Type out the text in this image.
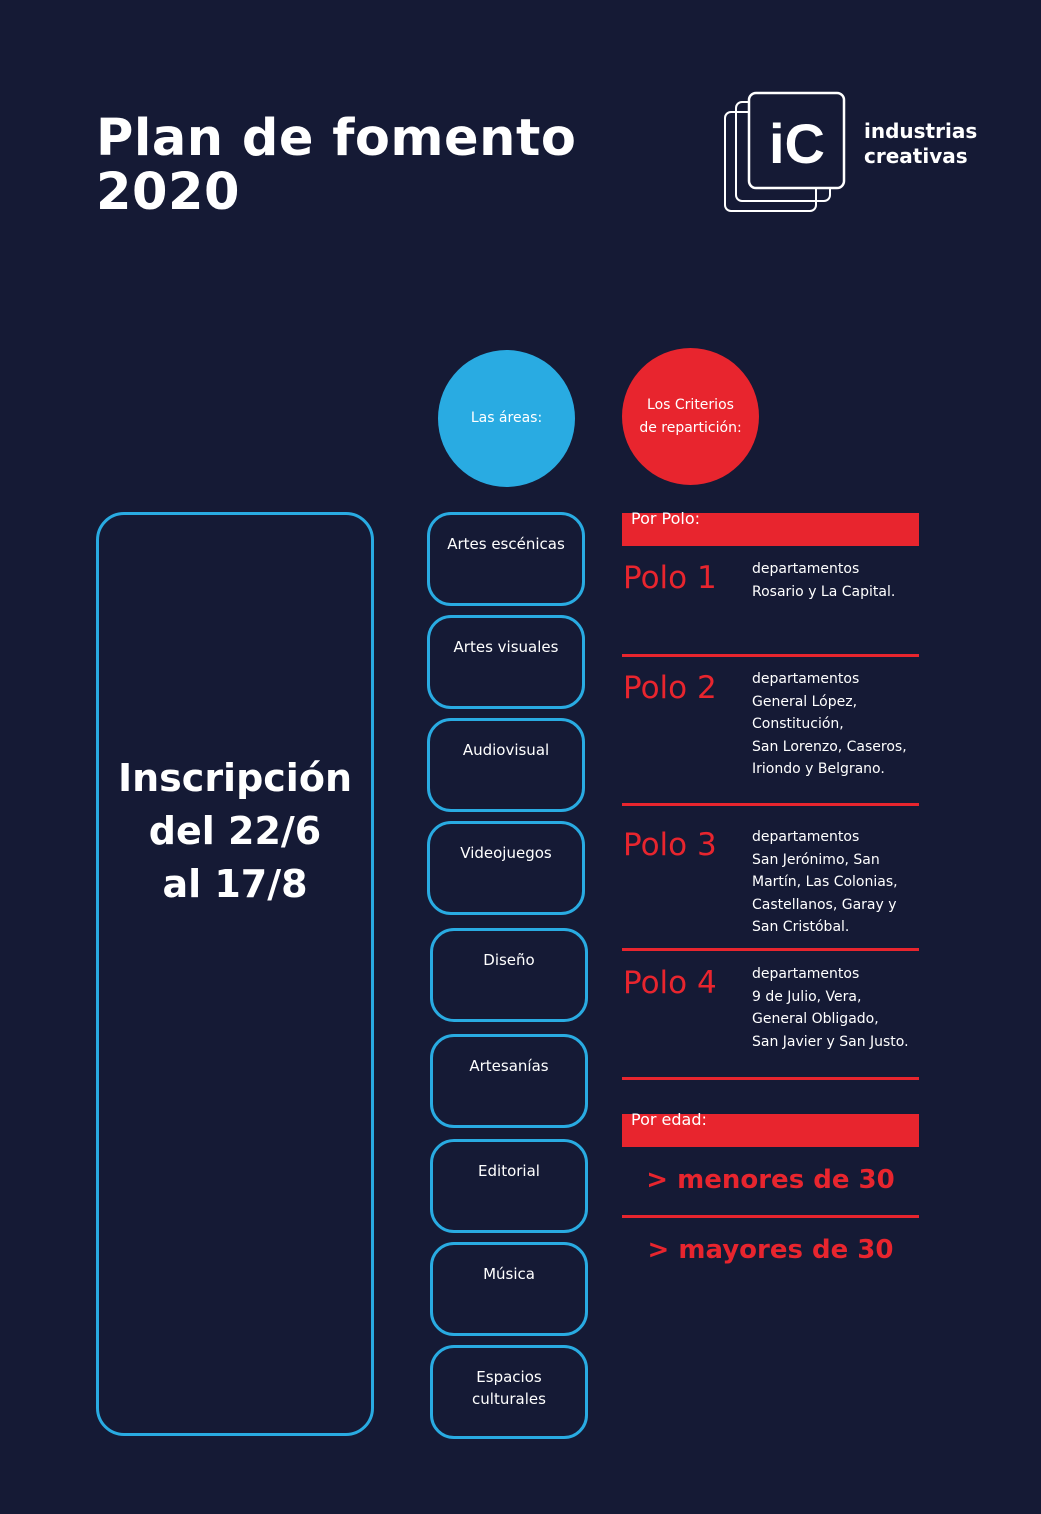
Plan de fomento
2020
iC industrias
creativas
Las áreas:
Los Criterios
de repartición:
Inscripción
del 22/6
al 17/8
Artes escénicas
Artes visuales
Audiovisual
Videojuegos
Diseño
Artesanías
Editorial
Música
Espacios
culturales
Por Polo:
Polo 1	departamentos
Rosario y La Capital.
Polo 2	departamentos
General López,
Constitución,
San Lorenzo, Caseros,
Iriondo y Belgrano.
Polo 3	departamentos
San Jerónimo, San
Martín, Las Colonias,
Castellanos, Garay y
San Cristóbal.
Polo 4	departamentos
9 de Julio, Vera,
General Obligado,
San Javier y San Justo.
Por edad:
> menores de 30
> mayores de 30
